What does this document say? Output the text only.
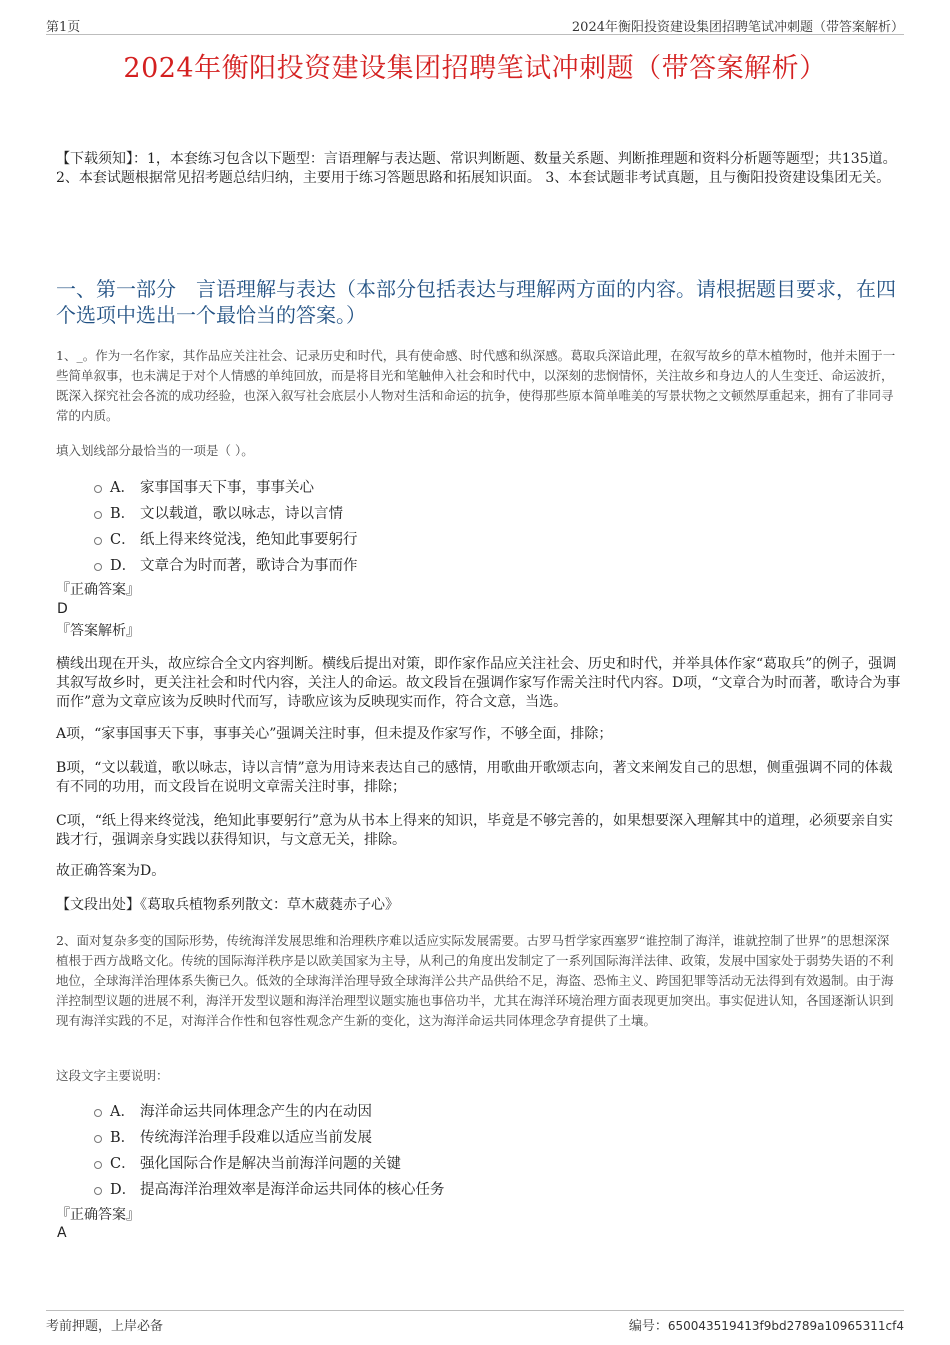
第1页	2024年衡阳投资建设集团招聘笔试冲刺题（带答案解析）
2024年衡阳投资建设集团招聘笔试冲刺题（带答案解析）

【下载须知】：1，本套练习包含以下题型：言语理解与表达题、常识判断题、数量关系题、判断推理题和资料分析题等题型；共135道。 2、本套试题根据常见招考题总结归纳，主要用于练习答题思路和拓展知识面。 3、本套试题非考试真题，且与衡阳投资建设集团无关。

一、第一部分　言语理解与表达（本部分包括表达与理解两方面的内容。请根据题目要求，在四个选项中选出一个最恰当的答案。）

1、_。作为一名作家，其作品应关注社会、记录历史和时代，具有使命感、时代感和纵深感。葛取兵深谙此理，在叙写故乡的草木植物时，他并未囿于一些简单叙事，也未满足于对个人情感的单纯回放，而是将目光和笔触伸入社会和时代中，以深刻的悲悯情怀，关注故乡和身边人的人生变迁、命运波折，既深入探究社会各流的成功经验，也深入叙写社会底层小人物对生活和命运的抗争，使得那些原本简单唯美的写景状物之文顿然厚重起来，拥有了非同寻常的内质。

填入划线部分最恰当的一项是（ ）。

A． 家事国事天下事，事事关心
B． 文以载道，歌以咏志，诗以言情
C． 纸上得来终觉浅，绝知此事要躬行
D． 文章合为时而著，歌诗合为事而作

『正确答案』

D

『答案解析』

横线出现在开头，故应综合全文内容判断。横线后提出对策，即作家作品应关注社会、历史和时代，并举具体作家“葛取兵”的例子，强调其叙写故乡时，更关注社会和时代内容，关注人的命运。故文段旨在强调作家写作需关注时代内容。D项，“文章合为时而著，歌诗合为事而作”意为文章应该为反映时代而写，诗歌应该为反映现实而作，符合文意，当选。

A项，“家事国事天下事，事事关心”强调关注时事，但未提及作家写作，不够全面，排除；

B项，“文以载道，歌以咏志，诗以言情”意为用诗来表达自己的感情，用歌曲开歌颂志向，著文来阐发自己的思想，侧重强调不同的体裁有不同的功用，而文段旨在说明文章需关注时事，排除；

C项，“纸上得来终觉浅，绝知此事要躬行”意为从书本上得来的知识，毕竟是不够完善的，如果想要深入理解其中的道理，必须要亲自实践才行，强调亲身实践以获得知识，与文意无关，排除。

故正确答案为D。

【文段出处】《葛取兵植物系列散文：草木葳蕤赤子心》

2、面对复杂多变的国际形势，传统海洋发展思维和治理秩序难以适应实际发展需要。古罗马哲学家西塞罗“谁控制了海洋，谁就控制了世界”的思想深深植根于西方战略文化。传统的国际海洋秩序是以欧美国家为主导，从利己的角度出发制定了一系列国际海洋法律、政策，发展中国家处于弱势失语的不利地位，全球海洋治理体系失衡已久。低效的全球海洋治理导致全球海洋公共产品供给不足，海盗、恐怖主义、跨国犯罪等活动无法得到有效遏制。由于海洋控制型议题的进展不利，海洋开发型议题和海洋治理型议题实施也事倍功半，尤其在海洋环境治理方面表现更加突出。事实促进认知，各国逐渐认识到现有海洋实践的不足，对海洋合作性和包容性观念产生新的变化，这为海洋命运共同体理念孕育提供了土壤。

这段文字主要说明：

A． 海洋命运共同体理念产生的内在动因
B． 传统海洋治理手段难以适应当前发展
C． 强化国际合作是解决当前海洋问题的关键
D． 提高海洋治理效率是海洋命运共同体的核心任务

『正确答案』

A

考前押题，上岸必备	编号：650043519413f9bd2789a10965311cf4
